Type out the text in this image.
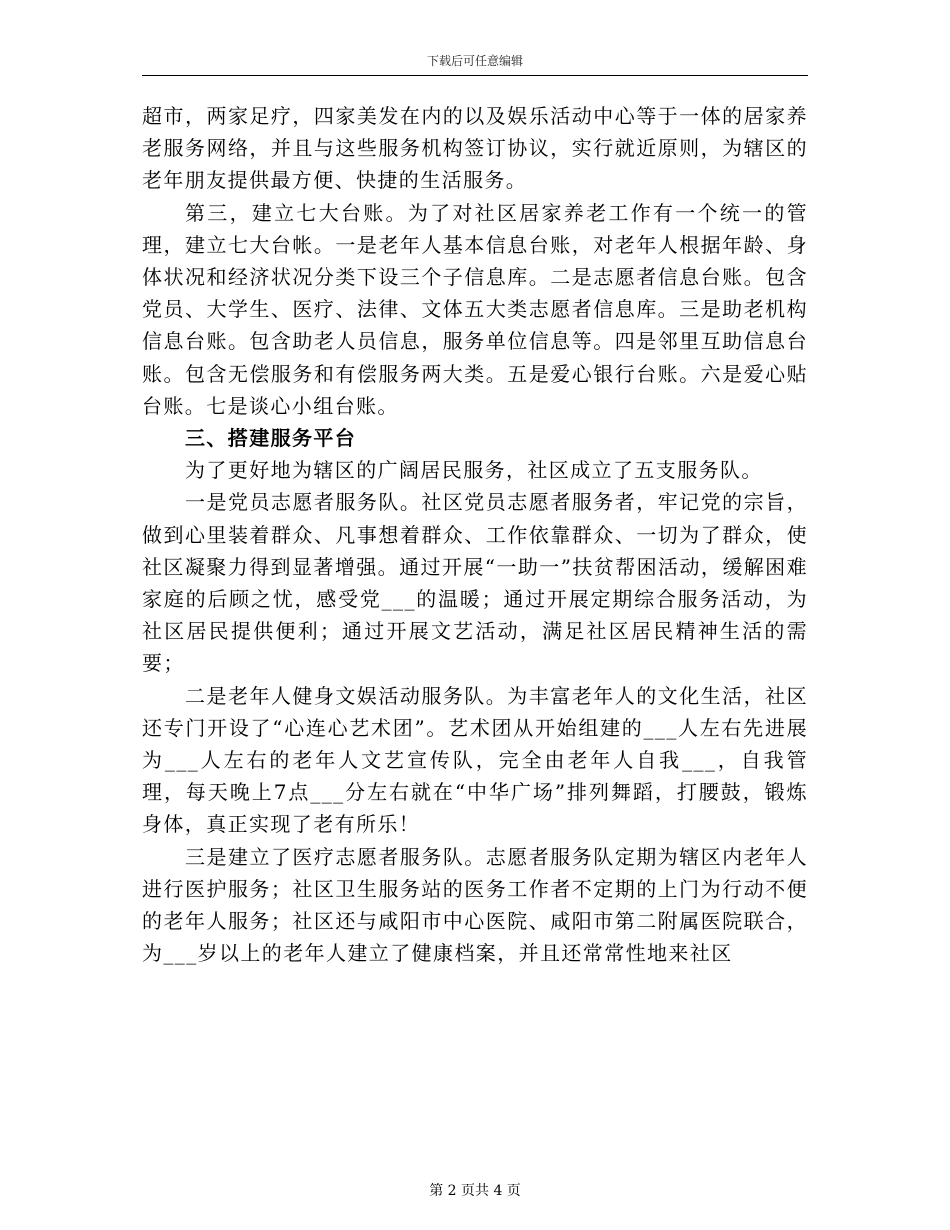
下载后可任意编辑

超市，两家足疗，四家美发在内的以及娱乐活动中心等于一体的居家养老服务网络，并且与这些服务机构签订协议，实行就近原则，为辖区的老年朋友提供最方便、快捷的生活服务。

第三，建立七大台账。为了对社区居家养老工作有一个统一的管理，建立七大台帐。一是老年人基本信息台账，对老年人根据年龄、身体状况和经济状况分类下设三个子信息库。二是志愿者信息台账。包含党员、大学生、医疗、法律、文体五大类志愿者信息库。三是助老机构信息台账。包含助老人员信息，服务单位信息等。四是邻里互助信息台账。包含无偿服务和有偿服务两大类。五是爱心银行台账。六是爱心贴台账。七是谈心小组台账。

三、搭建服务平台

为了更好地为辖区的广阔居民服务，社区成立了五支服务队。

一是党员志愿者服务队。社区党员志愿者服务者，牢记党的宗旨，做到心里装着群众、凡事想着群众、工作依靠群众、一切为了群众，使社区凝聚力得到显著增强。通过开展“一助一”扶贫帮困活动，缓解困难家庭的后顾之忧，感受党___的温暖；通过开展定期综合服务活动，为社区居民提供便利；通过开展文艺活动，满足社区居民精神生活的需要；

二是老年人健身文娱活动服务队。为丰富老年人的文化生活，社区还专门开设了“心连心艺术团”。艺术团从开始组建的___人左右先进展为___人左右的老年人文艺宣传队，完全由老年人自我___，自我管理，每天晚上7点___分左右就在“中华广场”排列舞蹈，打腰鼓，锻炼身体，真正实现了老有所乐！

三是建立了医疗志愿者服务队。志愿者服务队定期为辖区内老年人进行医护服务；社区卫生服务站的医务工作者不定期的上门为行动不便的老年人服务；社区还与咸阳市中心医院、咸阳市第二附属医院联合，为___岁以上的老年人建立了健康档案，并且还常常性地来社区

第 2 页共 4 页
